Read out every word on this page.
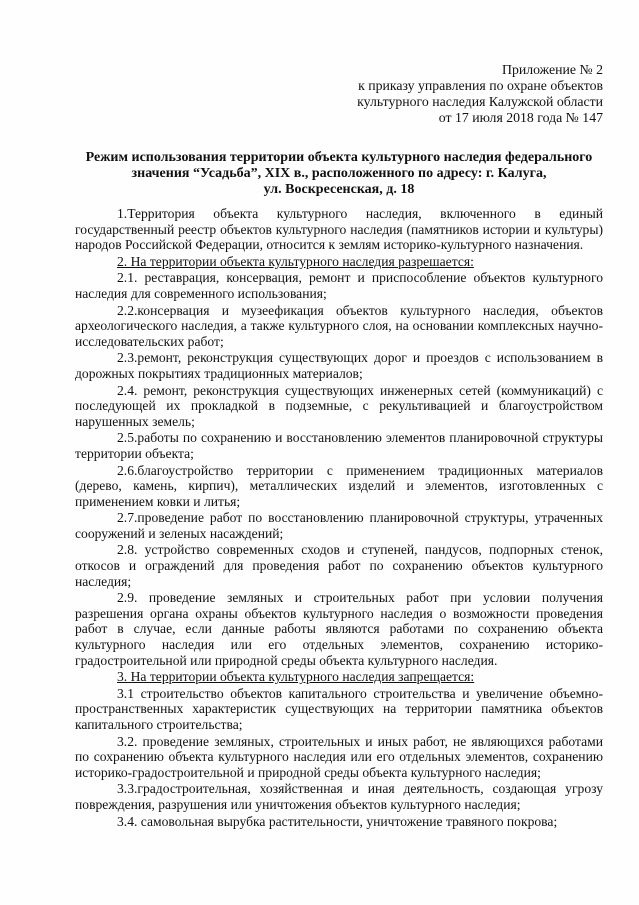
Приложение № 2
к приказу управления по охране объектов
культурного наследия Калужской области
от 17 июля 2018 года № 147
Режим использования территории объекта культурного наследия федерального
значения “Усадьба”, XIX в., расположенного по адресу: г. Калуга,
ул. Воскресенская, д. 18

1.Территория объекта культурного наследия, включенного в единый государственный реестр объектов культурного наследия (памятников истории и культуры) народов Российской Федерации, относится к землям историко-культурного назначения.

2. На территории объекта культурного наследия разрешается:

2.1. реставрация, консервация, ремонт и приспособление объектов культурного наследия для современного использования;

2.2.консервация и музеефикация объектов культурного наследия, объектов археологического наследия, а также культурного слоя, на основании комплексных научно-исследовательских работ;

2.3.ремонт, реконструкция существующих дорог и проездов с использованием в дорожных покрытиях традиционных материалов;

2.4. ремонт, реконструкция существующих инженерных сетей (коммуникаций) с последующей их прокладкой в подземные, с рекультивацией и благоустройством нарушенных земель;

2.5.работы по сохранению и восстановлению элементов планировочной структуры территории объекта;

2.6.благоустройство территории с применением традиционных материалов (дерево, камень, кирпич), металлических изделий и элементов, изготовленных с применением ковки и литья;

2.7.проведение работ по восстановлению планировочной структуры, утраченных сооружений и зеленых насаждений;

2.8. устройство современных сходов и ступеней, пандусов, подпорных стенок, откосов и ограждений для проведения работ по сохранению объектов культурного наследия;

2.9. проведение земляных и строительных работ при условии получения разрешения органа охраны объектов культурного наследия о возможности проведения работ в случае, если данные работы являются работами по сохранению объекта культурного наследия или его отдельных элементов, сохранению историко-градостроительной или природной среды объекта культурного наследия.

3. На территории объекта культурного наследия запрещается:

3.1 строительство объектов капитального строительства и увеличение объемно-пространственных характеристик существующих на территории памятника объектов капитального строительства;

3.2. проведение земляных, строительных и иных работ, не являющихся работами по сохранению объекта культурного наследия или его отдельных элементов, сохранению историко-градостроительной и природной среды объекта культурного наследия;

3.3.градостроительная, хозяйственная и иная деятельность, создающая угрозу повреждения, разрушения или уничтожения объектов культурного наследия;

3.4. самовольная вырубка растительности, уничтожение травяного покрова;
